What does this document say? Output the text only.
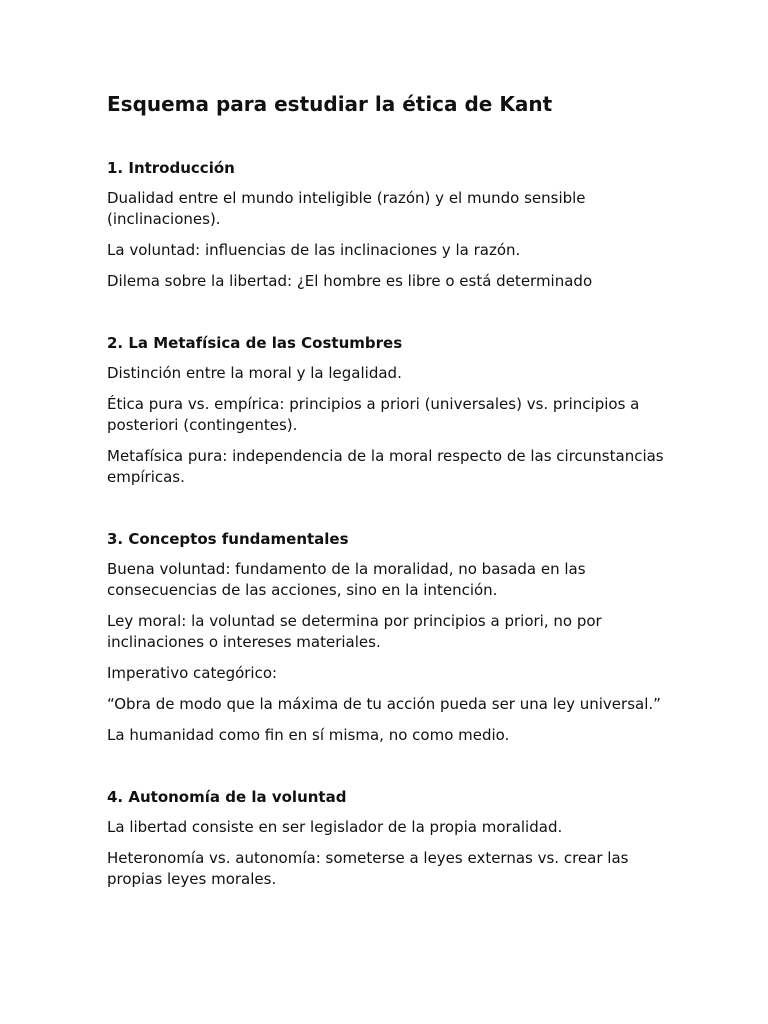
Esquema para estudiar la ética de Kant
1. Introducción

Dualidad entre el mundo inteligible (razón) y el mundo sensible (inclinaciones).

La voluntad: influencias de las inclinaciones y la razón.

Dilema sobre la libertad: ¿El hombre es libre o está determinado

2. La Metafísica de las Costumbres

Distinción entre la moral y la legalidad.

Ética pura vs. empírica: principios a priori (universales) vs. principios a posteriori (contingentes).

Metafísica pura: independencia de la moral respecto de las circunstancias empíricas.

3. Conceptos fundamentales

Buena voluntad: fundamento de la moralidad, no basada en las consecuencias de las acciones, sino en la intención.

Ley moral: la voluntad se determina por principios a priori, no por inclinaciones o intereses materiales.

Imperativo categórico:

“Obra de modo que la máxima de tu acción pueda ser una ley universal.”

La humanidad como fin en sí misma, no como medio.

4. Autonomía de la voluntad

La libertad consiste en ser legislador de la propia moralidad.

Heteronomía vs. autonomía: someterse a leyes externas vs. crear las propias leyes morales.
